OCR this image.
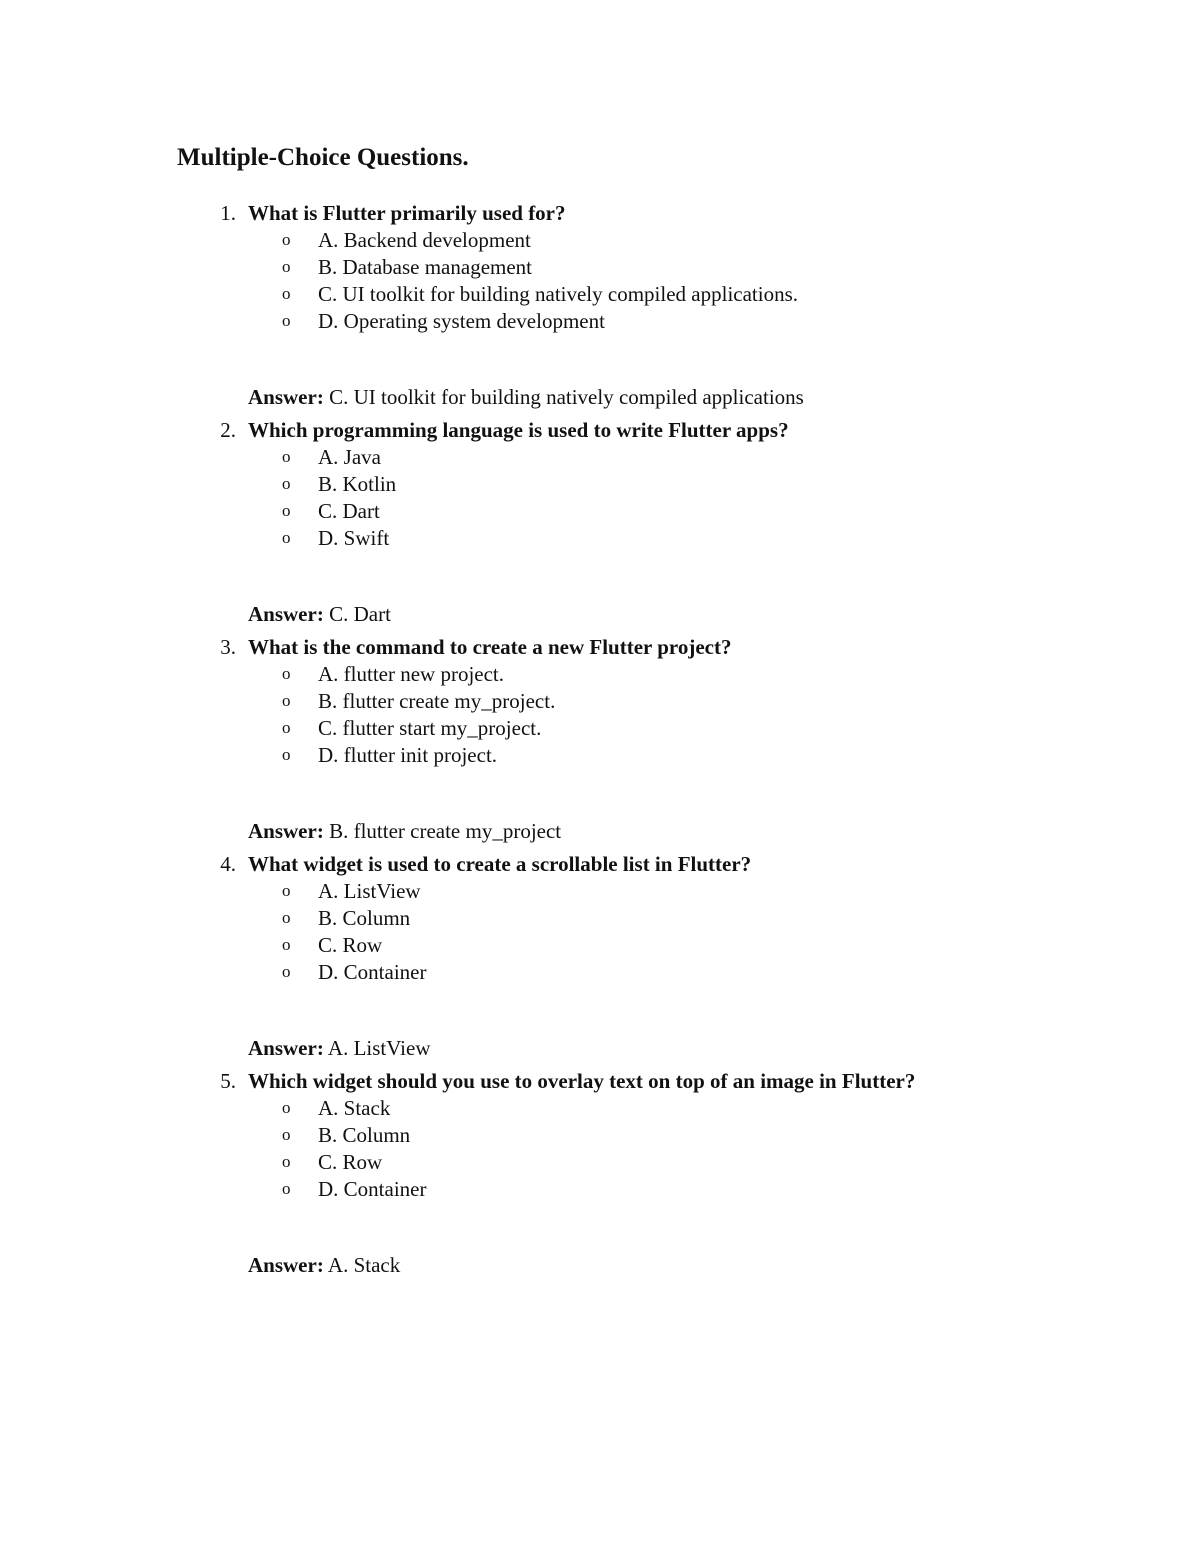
Multiple-Choice Questions.
1. What is Flutter primarily used for?
o A. Backend development
o B. Database management
o C. UI toolkit for building natively compiled applications.
o D. Operating system development

Answer: C. UI toolkit for building natively compiled applications

2. Which programming language is used to write Flutter apps?
o A. Java
o B. Kotlin
o C. Dart
o D. Swift

Answer: C. Dart

3. What is the command to create a new Flutter project?
o A. flutter new project.
o B. flutter create my_project.
o C. flutter start my_project.
o D. flutter init project.

Answer: B. flutter create my_project

4. What widget is used to create a scrollable list in Flutter?
o A. ListView
o B. Column
o C. Row
o D. Container

Answer: A. ListView

5. Which widget should you use to overlay text on top of an image in Flutter?
o A. Stack
o B. Column
o C. Row
o D. Container

Answer: A. Stack
